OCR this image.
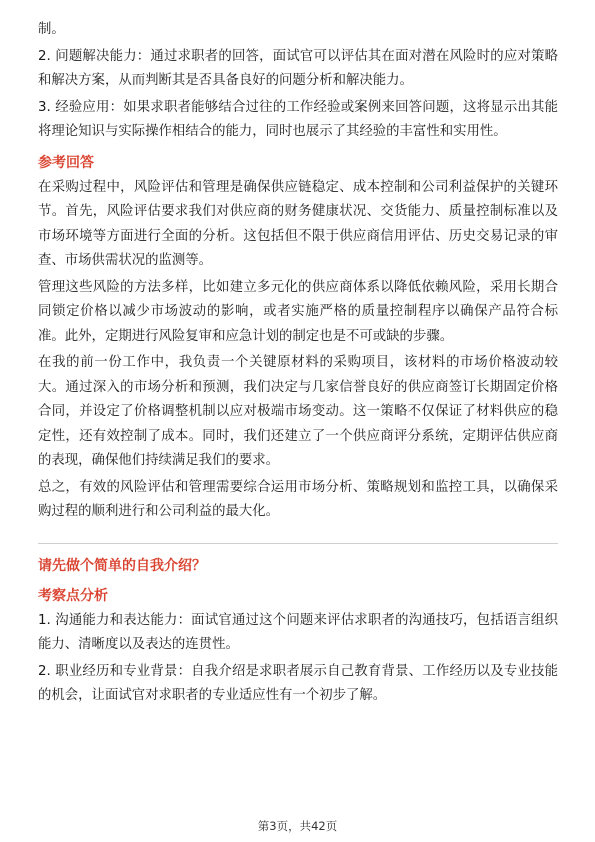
制。

2. 问题解决能力：通过求职者的回答，面试官可以评估其在面对潜在风险时的应对策略和解决方案，从而判断其是否具备良好的问题分析和解决能力。

3. 经验应用：如果求职者能够结合过往的工作经验或案例来回答问题，这将显示出其能将理论知识与实际操作相结合的能力，同时也展示了其经验的丰富性和实用性。

参考回答

在采购过程中，风险评估和管理是确保供应链稳定、成本控制和公司利益保护的关键环节。首先，风险评估要求我们对供应商的财务健康状况、交货能力、质量控制标准以及市场环境等方面进行全面的分析。这包括但不限于供应商信用评估、历史交易记录的审查、市场供需状况的监测等。

管理这些风险的方法多样，比如建立多元化的供应商体系以降低依赖风险，采用长期合同锁定价格以减少市场波动的影响，或者实施严格的质量控制程序以确保产品符合标准。此外，定期进行风险复审和应急计划的制定也是不可或缺的步骤。

在我的前一份工作中，我负责一个关键原材料的采购项目，该材料的市场价格波动较大。通过深入的市场分析和预测，我们决定与几家信誉良好的供应商签订长期固定价格合同，并设定了价格调整机制以应对极端市场变动。这一策略不仅保证了材料供应的稳定性，还有效控制了成本。同时，我们还建立了一个供应商评分系统，定期评估供应商的表现，确保他们持续满足我们的要求。

总之，有效的风险评估和管理需要综合运用市场分析、策略规划和监控工具，以确保采购过程的顺利进行和公司利益的最大化。

请先做个简单的自我介绍？
考察点分析

1. 沟通能力和表达能力：面试官通过这个问题来评估求职者的沟通技巧，包括语言组织能力、清晰度以及表达的连贯性。

2. 职业经历和专业背景：自我介绍是求职者展示自己教育背景、工作经历以及专业技能的机会，让面试官对求职者的专业适应性有一个初步了解。

第3页，共42页
